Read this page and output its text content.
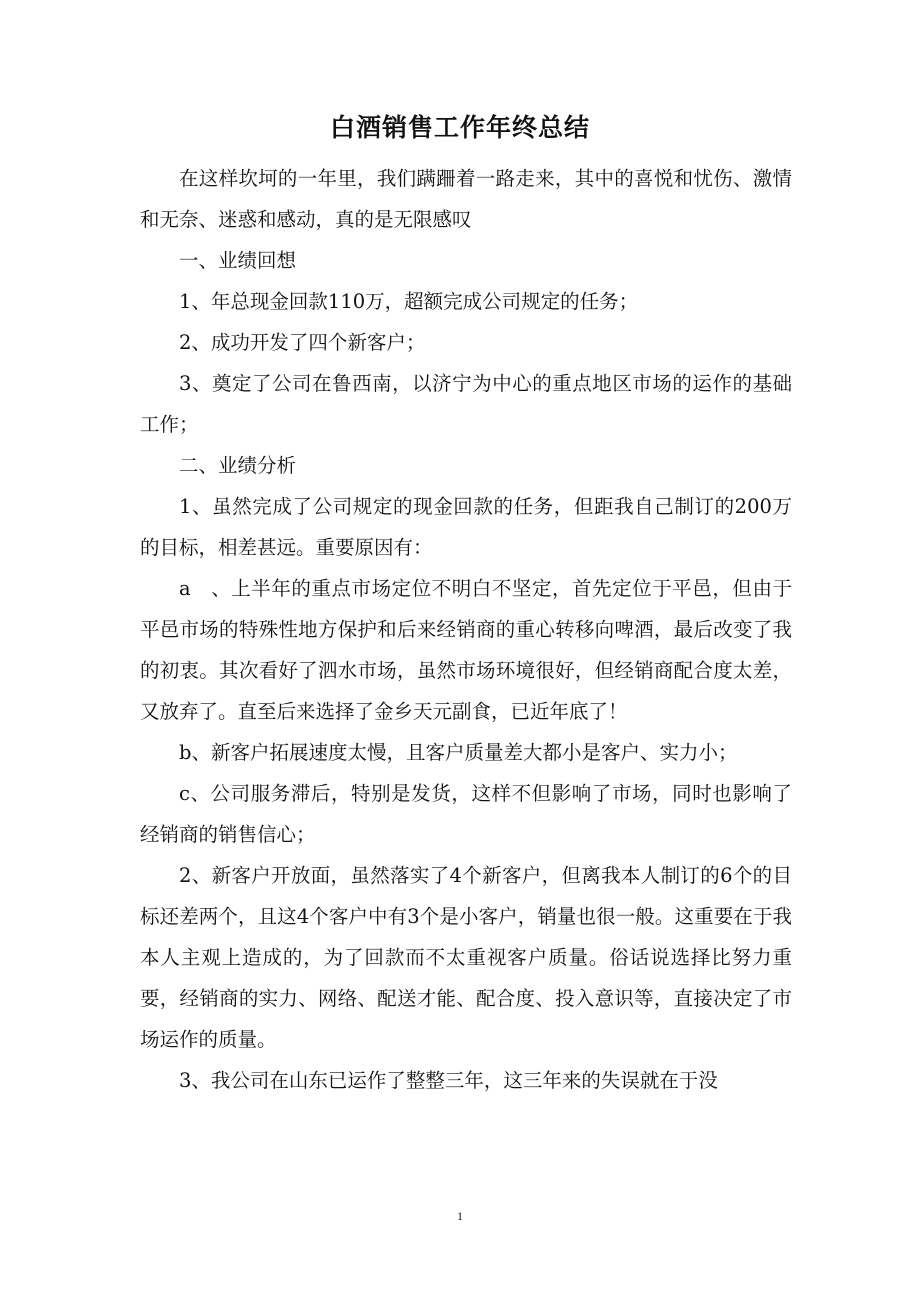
白酒销售工作年终总结

在这样坎坷的一年里，我们蹒跚着一路走来，其中的喜悦和忧伤、激情和无奈、迷惑和感动，真的是无限感叹

一、业绩回想

1、年总现金回款110万，超额完成公司规定的任务；

2、成功开发了四个新客户；

3、奠定了公司在鲁西南，以济宁为中心的重点地区市场的运作的基础工作；

二、业绩分析

1、虽然完成了公司规定的现金回款的任务，但距我自己制订的200万的目标，相差甚远。重要原因有：

a　、上半年的重点市场定位不明白不坚定，首先定位于平邑，但由于平邑市场的特殊性地方保护和后来经销商的重心转移向啤酒，最后改变了我的初衷。其次看好了泗水市场，虽然市场环境很好，但经销商配合度太差，又放弃了。直至后来选择了金乡天元副食，已近年底了！

b、新客户拓展速度太慢，且客户质量差大都小是客户、实力小；

c、公司服务滞后，特别是发货，这样不但影响了市场，同时也影响了经销商的销售信心；

2、新客户开放面，虽然落实了4个新客户，但离我本人制订的6个的目标还差两个，且这4个客户中有3个是小客户，销量也很一般。这重要在于我本人主观上造成的，为了回款而不太重视客户质量。俗话说选择比努力重要，经销商的实力、网络、配送才能、配合度、投入意识等，直接决定了市场运作的质量。

3、我公司在山东已运作了整整三年，这三年来的失误就在于没

1
